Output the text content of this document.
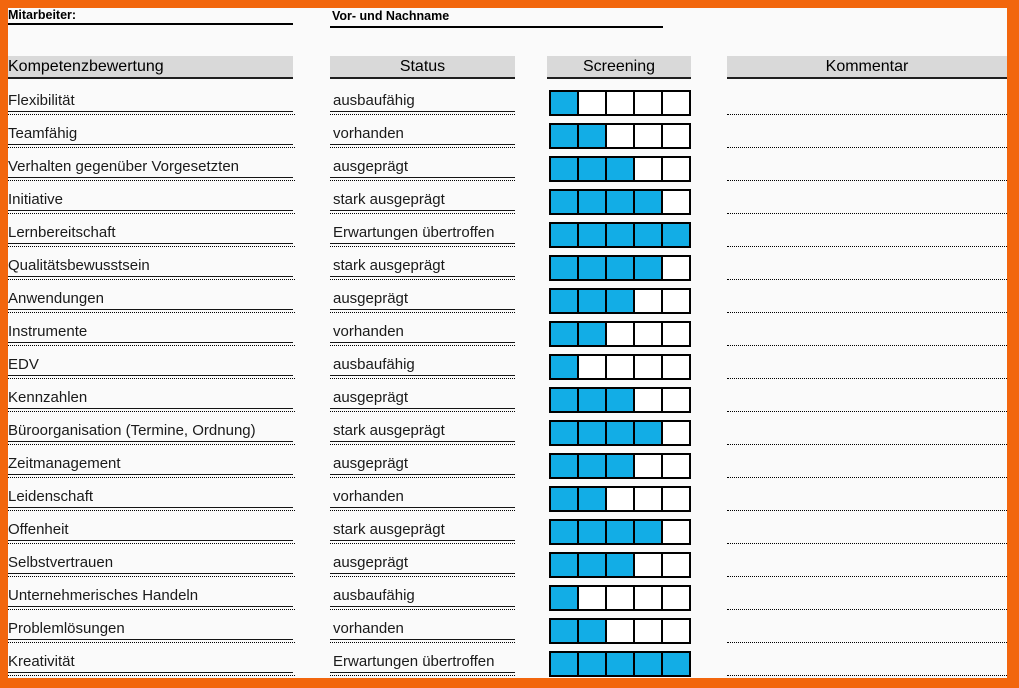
Mitarbeiter:	Vor- und Nachname
Kompetenzbewertung	Status	Screening	Kommentar
Flexibilität	ausbaufähig
Teamfähig	vorhanden
Verhalten gegenüber Vorgesetzten	ausgeprägt
Initiative	stark ausgeprägt
Lernbereitschaft	Erwartungen übertroffen
Qualitätsbewusstsein	stark ausgeprägt
Anwendungen	ausgeprägt
Instrumente	vorhanden
EDV	ausbaufähig
Kennzahlen	ausgeprägt
Büroorganisation (Termine, Ordnung)	stark ausgeprägt
Zeitmanagement	ausgeprägt
Leidenschaft	vorhanden
Offenheit	stark ausgeprägt
Selbstvertrauen	ausgeprägt
Unternehmerisches Handeln	ausbaufähig
Problemlösungen	vorhanden
Kreativität	Erwartungen übertroffen
